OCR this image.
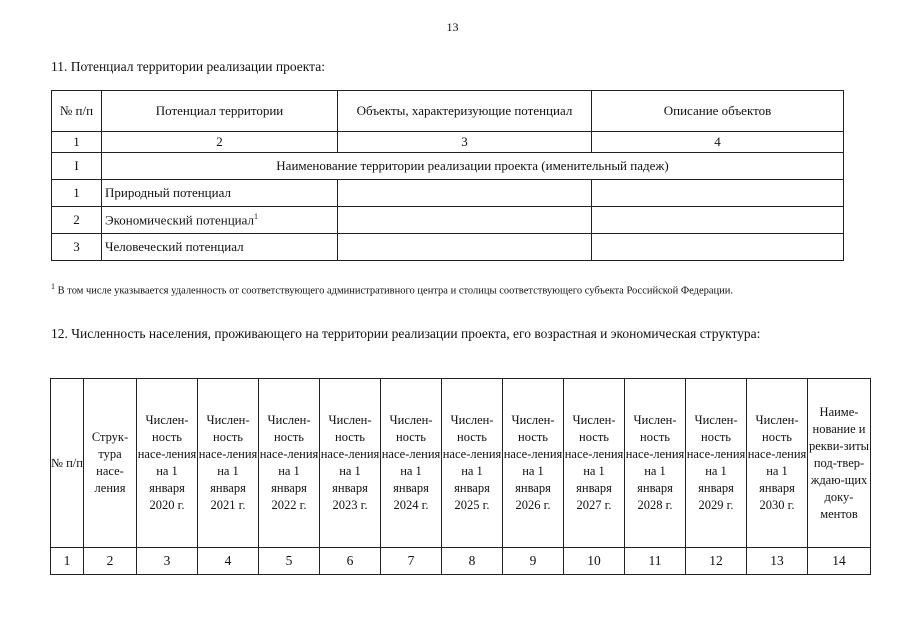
13
11. Потенциал территории реализации проекта:
№ п/п	Потенциал территории	Объекты, характеризующие потенциал	Описание объектов
1	2	3	4
I	Наименование территории реализации проекта (именительный падеж)		
1	Природный потенциал		
2	Экономический потенциал$^1$		
3	Человеческий потенциал		
$^1$ В том числе указывается удаленность от соответствующего административного центра и столицы соответствующего субъекта Российской Федерации.
12. Численность населения, проживающего на территории реализации проекта, его возрастная и экономическая структура:
№ п/п	Струк-тура насе-ления	Числен-ность насе-ления на 1 января 2020 г.	Числен-ность насе-ления на 1 января 2021 г.	Числен-ность насе-ления на 1 января 2022 г.	Числен-ность насе-ления на 1 января 2023 г.	Числен-ность насе-ления на 1 января 2024 г.	Числен-ность насе-ления на 1 января 2025 г.	Числен-ность насе-ления на 1 января 2026 г.	Числен-ность насе-ления на 1 января 2027 г.	Числен-ность насе-ления на 1 января 2028 г.	Числен-ность насе-ления на 1 января 2029 г.	Числен-ность насе-ления на 1 января 2030 г.	Наиме-нование и рекви-зиты под-твер-ждаю-щих доку-ментов
1	2	3	4	5	6	7	8	9	10	11	12	13	14
